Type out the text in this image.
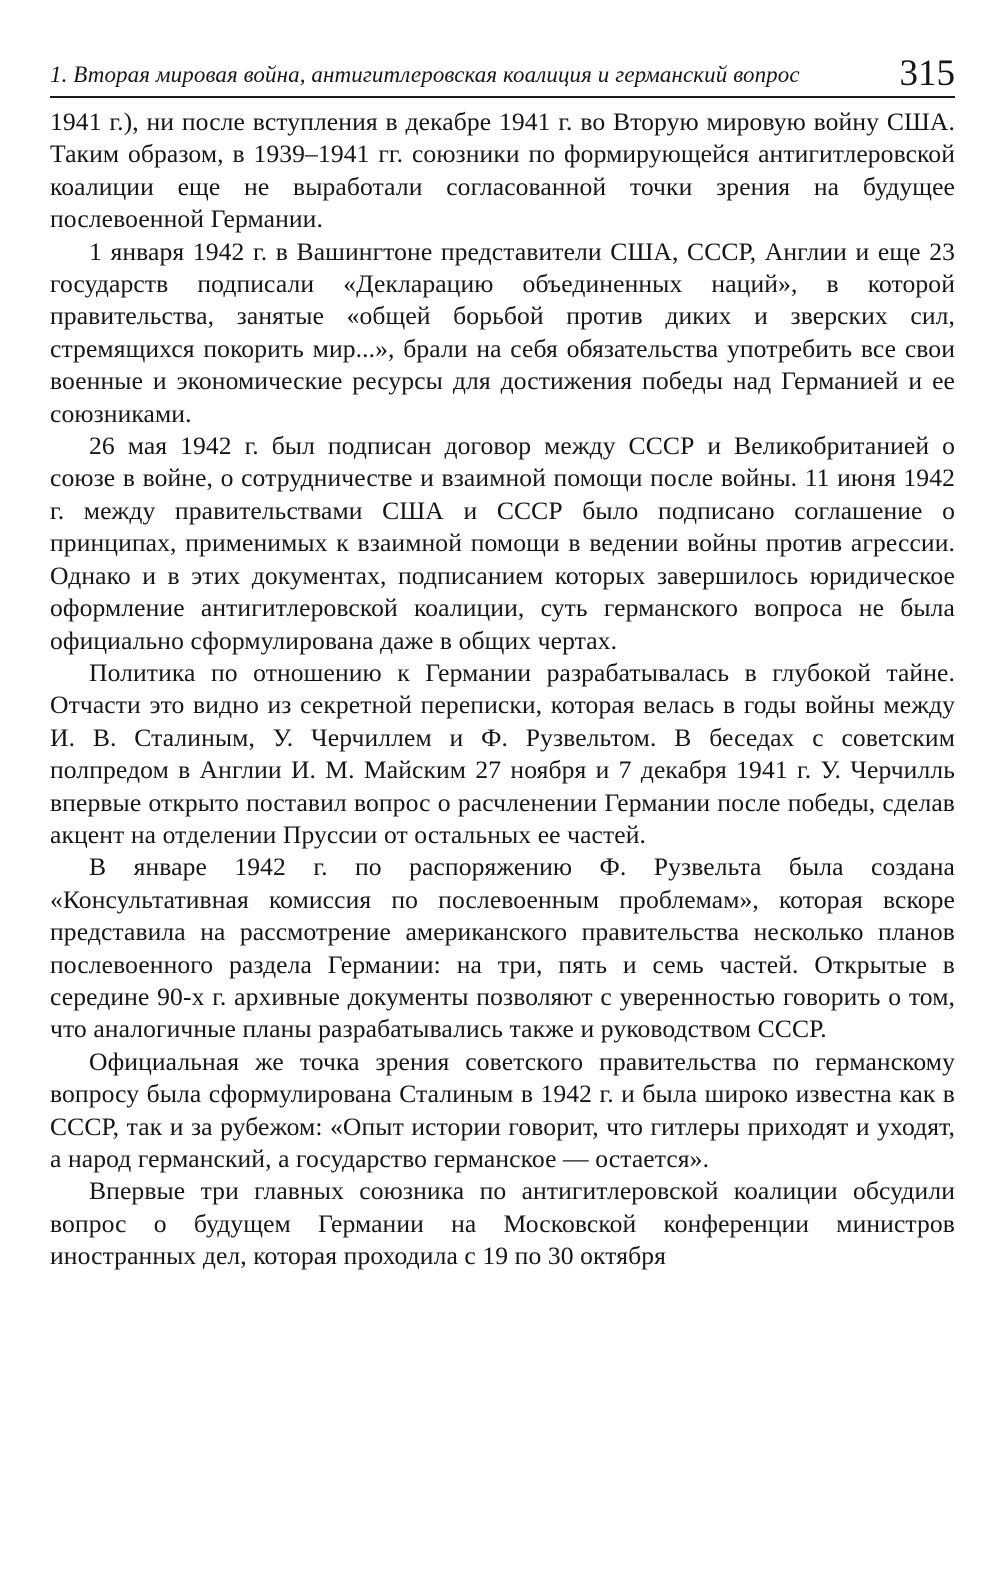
1. Вторая мировая война, антигитлеровская коалиция и германский вопрос	315

1941 г.), ни после вступления в декабре 1941 г. во Вторую мировую войну США. Таким образом, в 1939–1941 гг. союзники по формирующейся антигитлеровской коалиции еще не выработали согласованной точки зрения на будущее послевоенной Германии.

1 января 1942 г. в Вашингтоне представители США, СССР, Англии и еще 23 государств подписали «Декларацию объединенных наций», в которой правительства, занятые «общей борьбой против диких и зверских сил, стремящихся покорить мир...», брали на себя обязательства употребить все свои военные и экономические ресурсы для достижения победы над Германией и ее союзниками.

26 мая 1942 г. был подписан договор между СССР и Великобританией о союзе в войне, о сотрудничестве и взаимной помощи после войны. 11 июня 1942 г. между правительствами США и СССР было подписано соглашение о принципах, применимых к взаимной помощи в ведении войны против агрессии. Однако и в этих документах, подписанием которых завершилось юридическое оформление антигитлеровской коалиции, суть германского вопроса не была официально сформулирована даже в общих чертах.

Политика по отношению к Германии разрабатывалась в глубокой тайне. Отчасти это видно из секретной переписки, которая велась в годы войны между И. В. Сталиным, У. Черчиллем и Ф. Рузвельтом. В беседах с советским полпредом в Англии И. М. Майским 27 ноября и 7 декабря 1941 г. У. Черчилль впервые открыто поставил вопрос о расчленении Германии после победы, сделав акцент на отделении Пруссии от остальных ее частей.

В январе 1942 г. по распоряжению Ф. Рузвельта была создана «Консультативная комиссия по послевоенным проблемам», которая вскоре представила на рассмотрение американского правительства несколько планов послевоенного раздела Германии: на три, пять и семь частей. Открытые в середине 90-х г. архивные документы позволяют с уверенностью говорить о том, что аналогичные планы разрабатывались также и руководством СССР.

Официальная же точка зрения советского правительства по германскому вопросу была сформулирована Сталиным в 1942 г. и была широко известна как в СССР, так и за рубежом: «Опыт истории говорит, что гитлеры приходят и уходят, а народ германский, а государство германское — остается».

Впервые три главных союзника по антигитлеровской коалиции обсудили вопрос о будущем Германии на Московской конференции министров иностранных дел, которая проходила с 19 по 30 октября
